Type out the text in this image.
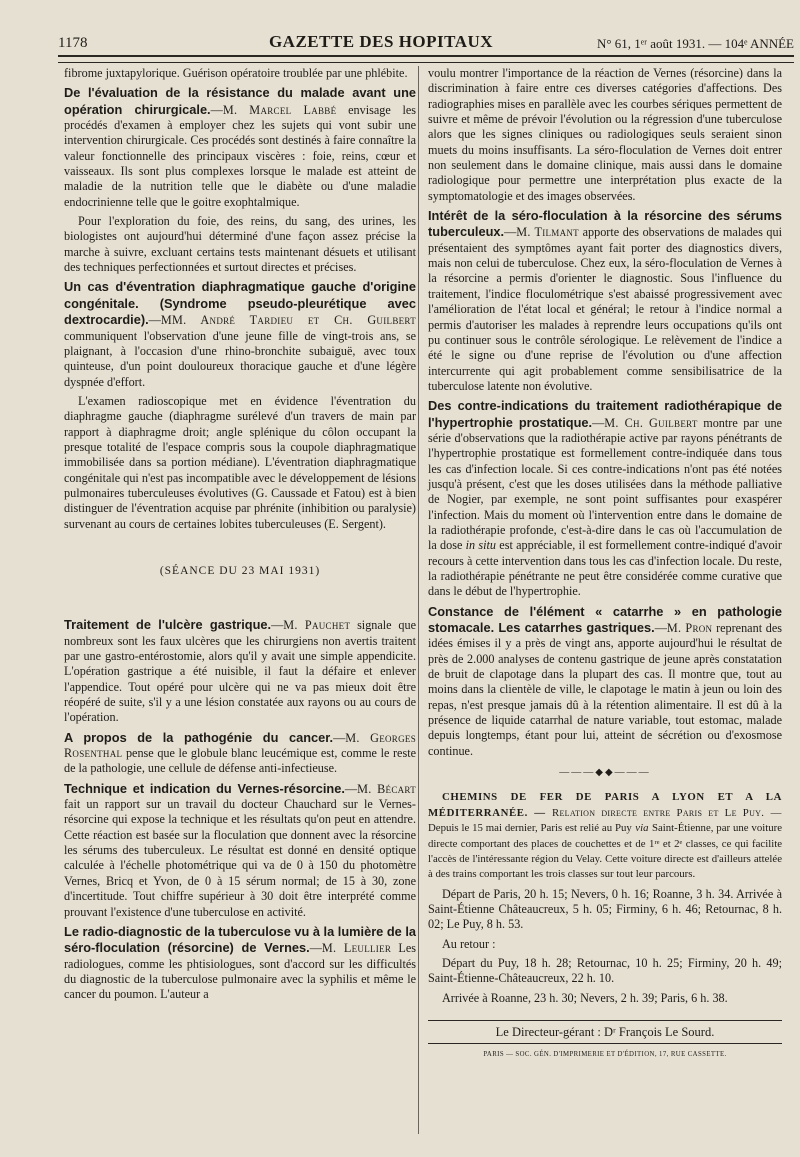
1178	GAZETTE DES HOPITAUX	N° 61, 1ᵉʳ août 1931. — 104ᵉ ANNÉE

fibrome juxtapylorique. Guérison opératoire troublée par une phlébite.

De l'évaluation de la résistance du malade avant une opération chirurgicale.—M. Marcel Labbé envisage les procédés d'examen à employer chez les sujets qui vont subir une intervention chirurgicale. Ces procédés sont destinés à faire connaître la valeur fonctionnelle des principaux viscères : foie, reins, cœur et vaisseaux. Ils sont plus complexes lorsque le malade est atteint de maladie de la nutrition telle que le diabète ou d'une maladie endocrinienne telle que le goitre exophtalmique.

Pour l'exploration du foie, des reins, du sang, des urines, les biologistes ont aujourd'hui déterminé d'une façon assez précise la marche à suivre, excluant certains tests maintenant désuets et utilisant des techniques perfectionnées et surtout directes et précises.

Un cas d'éventration diaphragmatique gauche d'origine congénitale. (Syndrome pseudo-pleurétique avec dextrocardie).—MM. André Tardieu et Ch. Guilbert communiquent l'observation d'une jeune fille de vingt-trois ans, se plaignant, à l'occasion d'une rhino-bronchite subaiguë, avec toux quinteuse, d'un point douloureux thoracique gauche et d'une légère dyspnée d'effort.

L'examen radioscopique met en évidence l'éventration du diaphragme gauche (diaphragme surélevé d'un travers de main par rapport à diaphragme droit; angle splénique du côlon occupant la presque totalité de l'espace compris sous la coupole diaphragmatique immobilisée dans sa portion médiane). L'éventration diaphragmatique congénitale qui n'est pas incompatible avec le développement de lésions pulmonaires tuberculeuses évolutives (G. Caussade et Fatou) est à bien distinguer de l'éventration acquise par phrénite (inhibition ou paralysie) survenant au cours de certaines lobites tuberculeuses (E. Sergent).

(SÉANCE DU 23 MAI 1931)

Traitement de l'ulcère gastrique.—M. Pauchet signale que nombreux sont les faux ulcères que les chirurgiens non avertis traitent par une gastro-entérostomie, alors qu'il y avait une simple appendicite. L'opération gastrique a été nuisible, il faut la défaire et enlever l'appendice. Tout opéré pour ulcère qui ne va pas mieux doit être réopéré de suite, s'il y a une lésion constatée aux rayons ou au cours de l'opération.

A propos de la pathogénie du cancer.—M. Georges Rosenthal pense que le globule blanc leucémique est, comme le reste de la pathologie, une cellule de défense anti-infectieuse.

Technique et indication du Vernes-résorcine.—M. Bécart fait un rapport sur un travail du docteur Chauchard sur le Vernes-résorcine qui expose la technique et les résultats qu'on peut en attendre. Cette réaction est basée sur la floculation que donnent avec la résorcine les sérums des tuberculeux. Le résultat est donné en densité optique calculée à l'échelle photométrique qui va de 0 à 150 du photomètre Vernes, Bricq et Yvon, de 0 à 15 sérum normal; de 15 à 30, zone d'incertitude. Tout chiffre supérieur à 30 doit être interprété comme prouvant l'existence d'une tuberculose en activité.

Le radio-diagnostic de la tuberculose vu à la lumière de la séro-floculation (résorcine) de Vernes.—M. Leullier Les radiologues, comme les phtisiologues, sont d'accord sur les difficultés du diagnostic de la tuberculose pulmonaire avec la syphilis et même le cancer du poumon. L'auteur a

voulu montrer l'importance de la réaction de Vernes (résorcine) dans la discrimination à faire entre ces diverses catégories d'affections. Des radiographies mises en parallèle avec les courbes sériques permettent de suivre et même de prévoir l'évolution ou la régression d'une tuberculose alors que les signes cliniques ou radiologiques seuls seraient sinon muets du moins insuffisants. La séro-floculation de Vernes doit entrer non seulement dans le domaine clinique, mais aussi dans le domaine radiologique pour permettre une interprétation plus exacte de la symptomatologie et des images observées.

Intérêt de la séro-floculation à la résorcine des sérums tuberculeux.—M. Tilmant apporte des observations de malades qui présentaient des symptômes ayant fait porter des diagnostics divers, mais non celui de tuberculose. Chez eux, la séro-floculation de Vernes à la résorcine a permis d'orienter le diagnostic. Sous l'influence du traitement, l'indice floculométrique s'est abaissé progressivement avec l'amélioration de l'état local et général; le retour à l'indice normal a permis d'autoriser les malades à reprendre leurs occupations qu'ils ont pu continuer sous le contrôle sérologique. Le relèvement de l'indice a été le signe ou d'une reprise de l'évolution ou d'une affection intercurrente qui agit probablement comme sensibilisatrice de la tuberculose latente non évolutive.

Des contre-indications du traitement radiothérapique de l'hypertrophie prostatique.—M. Ch. Guilbert montre par une série d'observations que la radiothérapie active par rayons pénétrants de l'hypertrophie prostatique est formellement contre-indiquée dans tous les cas d'infection locale. Si ces contre-indications n'ont pas été notées jusqu'à présent, c'est que les doses utilisées dans la méthode palliative de Nogier, par exemple, ne sont point suffisantes pour exaspérer l'infection. Mais du moment où l'intervention entre dans le domaine de la radiothérapie profonde, c'est-à-dire dans le cas où l'accumulation de la dose in situ est appréciable, il est formellement contre-indiqué d'avoir recours à cette intervention dans tous les cas d'infection locale. Du reste, la radiothérapie pénétrante ne peut être considérée comme curative que dans le début de l'hypertrophie.

Constance de l'élément « catarrhe » en pathologie stomacale. Les catarrhes gastriques.—M. Pron reprenant des idées émises il y a près de vingt ans, apporte aujourd'hui le résultat de près de 2.000 analyses de contenu gastrique de jeune après constatation de bruit de clapotage dans la plupart des cas. Il montre que, tout au moins dans la clientèle de ville, le clapotage le matin à jeun ou loin des repas, n'est presque jamais dû à la rétention alimentaire. Il est dû à la présence de liquide catarrhal de nature variable, tout estomac, malade depuis longtemps, étant pour lui, atteint de sécrétion ou d'exosmose continue.

———◆◆———

CHEMINS DE FER DE PARIS A LYON ET A LA MÉDITERRANÉE. — Relation directe entre Paris et Le Puy. — Depuis le 15 mai dernier, Paris est relié au Puy via Saint-Étienne, par une voiture directe comportant des places de couchettes et de 1ʳᵉ et 2ᵉ classes, ce qui facilite l'accès de l'intéressante région du Velay. Cette voiture directe est d'ailleurs attelée à des trains comportant les trois classes sur tout leur parcours.

Départ de Paris, 20 h. 15; Nevers, 0 h. 16; Roanne, 3 h. 34. Arrivée à Saint-Étienne Châteaucreux, 5 h. 05; Firminy, 6 h. 46; Retournac, 8 h. 02; Le Puy, 8 h. 53.

Au retour :

Départ du Puy, 18 h. 28; Retournac, 10 h. 25; Firminy, 20 h. 49; Saint-Étienne-Châteaucreux, 22 h. 10.

Arrivée à Roanne, 23 h. 30; Nevers, 2 h. 39; Paris, 6 h. 38.

Le Directeur-gérant : Dʳ François Le Sourd.
PARIS — SOC. GÉN. D'IMPRIMERIE ET D'ÉDITION, 17, RUE CASSETTE.
